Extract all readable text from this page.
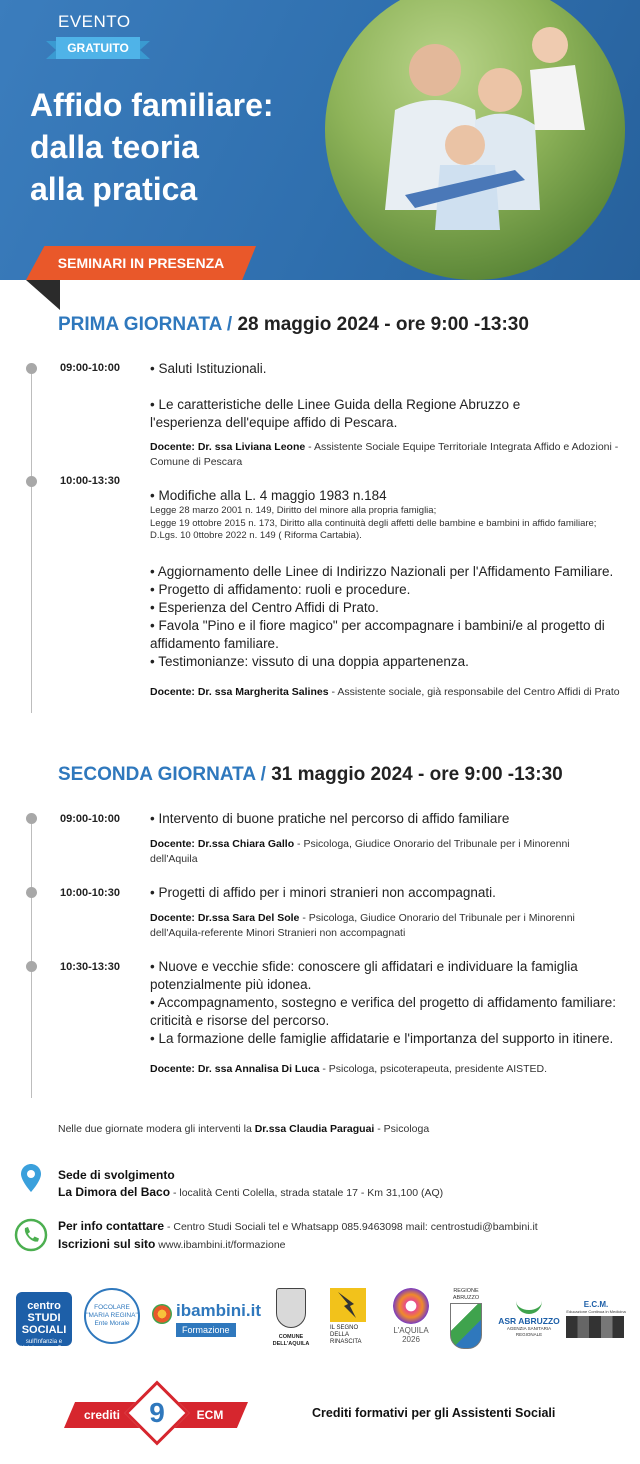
EVENTO
GRATUITO
Affido familiare:
dalla teoria
alla pratica
SEMINARI IN PRESENZA
PRIMA GIORNATA / 28 maggio 2024 - ore 9:00 -13:30
09:00-10:00 • Saluti Istituzionali.
• Le caratteristiche delle Linee Guida della Regione Abruzzo e
l'esperienza dell'equipe affido di Pescara.
Docente: Dr. ssa Liviana Leone - Assistente Sociale Equipe Territoriale Integrata Affido e Adozioni - Comune di Pescara
10:00-13:30
• Modifiche alla L. 4 maggio 1983 n.184
Legge 28 marzo 2001 n. 149, Diritto del minore alla propria famiglia;
Legge 19 ottobre 2015 n. 173, Diritto alla continuità degli affetti delle bambine e bambini in affido familiare;
D.Lgs. 10 0ttobre 2022 n. 149 ( Riforma Cartabia).
• Aggiornamento delle Linee di Indirizzo Nazionali per l'Affidamento Familiare.
• Progetto di affidamento: ruoli e procedure.
• Esperienza del Centro Affidi di Prato.
• Favola "Pino e il fiore magico" per accompagnare i bambini/e al progetto di affidamento familiare.
• Testimonianze: vissuto di una doppia appartenenza.
Docente: Dr. ssa Margherita Salines - Assistente sociale, già responsabile del Centro Affidi di Prato
SECONDA GIORNATA / 31 maggio 2024 - ore 9:00 -13:30
09:00-10:00 • Intervento di buone pratiche nel percorso di affido familiare
Docente: Dr.ssa Chiara Gallo - Psicologa, Giudice Onorario del Tribunale per i Minorenni dell'Aquila
10:00-10:30 • Progetti di affido per i minori stranieri non accompagnati.
Docente: Dr.ssa Sara Del Sole - Psicologa, Giudice Onorario del Tribunale per i Minorenni dell'Aquila-referente Minori Stranieri non accompagnati
10:30-13:30 • Nuove e vecchie sfide: conoscere gli affidatari e individuare la famiglia potenzialmente più idonea.
• Accompagnamento, sostegno e verifica del progetto di affidamento familiare: criticità e risorse del percorso.
• La formazione delle famiglie affidatarie e l'importanza del supporto in itinere.
Docente: Dr. ssa Annalisa Di Luca - Psicologa, psicoterapeuta, presidente AISTED.
Nelle due giornate modera gli interventi la Dr.ssa Claudia Paraguai - Psicologa
Sede di svolgimento
La Dimora del Baco - località Centi Colella, strada statale 17 - Km 31,100 (AQ)
Per info contattare - Centro Studi Sociali tel e Whatsapp 085.9463098 mail: centrostudi@bambini.it
Iscrizioni sul sito www.ibambini.it/formazione
centro
STUDI SOCIALI
sull'Infanzia e l'Adolescenza Don Silvio De Annuntiis
FOCOLARE "MARIA REGINA" Ente Morale
ibambini.it
Formazione
COMUNE DELL'AQUILA
IL SEGNO DELLA RINASCITA
L'AQUILA 2026
REGIONE ABRUZZO
ASR ABRUZZO
AGENZIA SANITARIA REGIONALE
E.C.M.
Educazione Continua in Medicina
crediti	ECM
9	Crediti formativi per gli Assistenti Sociali
